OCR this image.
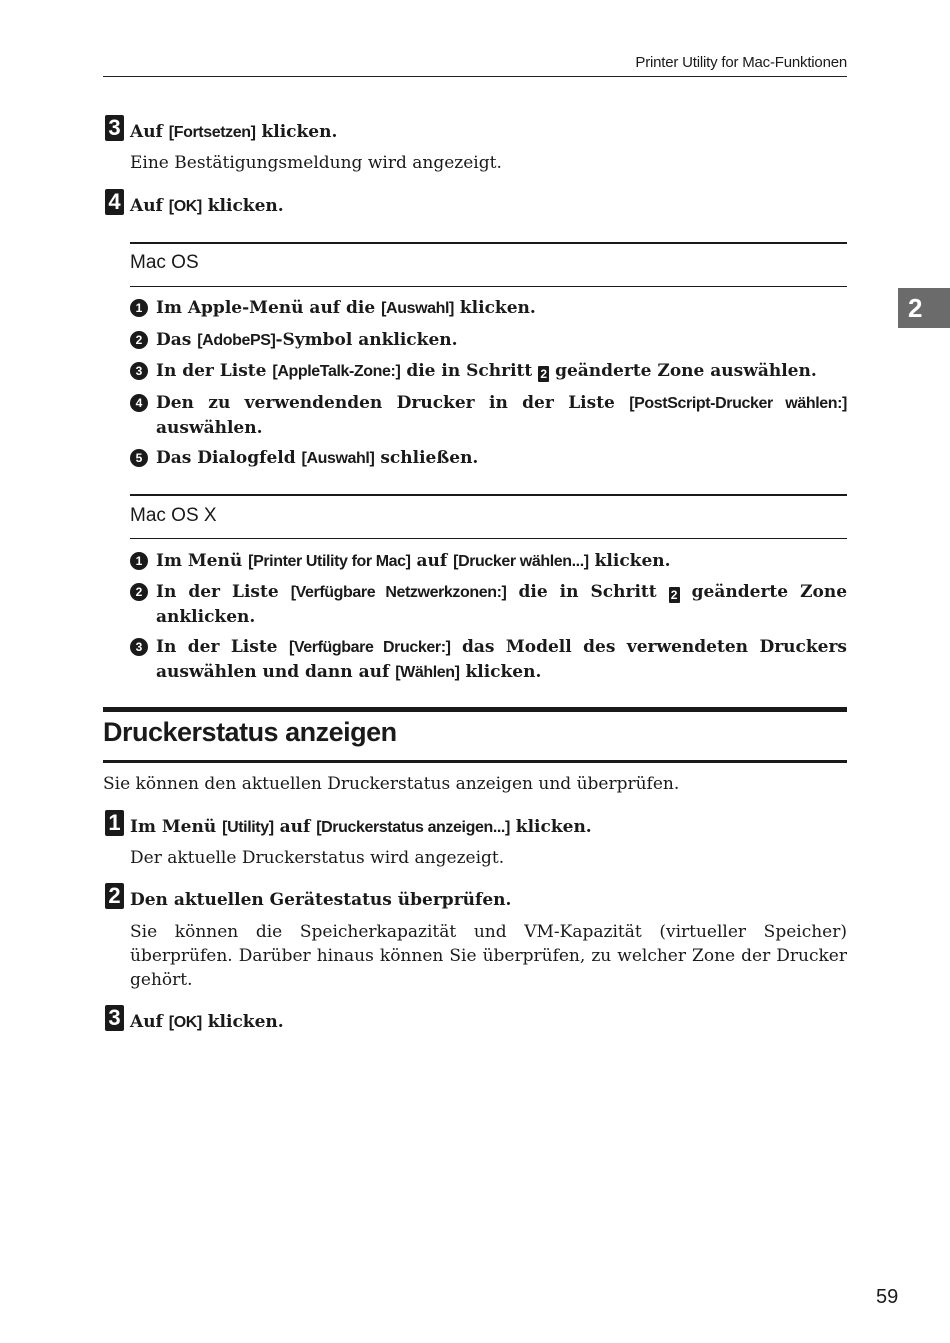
Printer Utility for Mac-Funktionen
2
3 Auf [Fortsetzen] klicken.
Eine Bestätigungsmeldung wird angezeigt.
4 Auf [OK] klicken.
Mac OS
1 Im Apple-Menü auf die [Auswahl] klicken.
2 Das [AdobePS]-Symbol anklicken.
3 In der Liste [AppleTalk-Zone:] die in Schritt 2 geänderte Zone auswählen.
4 Den zu verwendenden Drucker in der Liste [PostScript-Drucker wählen:] auswählen.
5 Das Dialogfeld [Auswahl] schließen.
Mac OS X
1 Im Menü [Printer Utility for Mac] auf [Drucker wählen...] klicken.
2 In der Liste [Verfügbare Netzwerkzonen:] die in Schritt 2 geänderte Zone anklicken.
3 In der Liste [Verfügbare Drucker:] das Modell des verwendeten Druckers auswählen und dann auf [Wählen] klicken.
Druckerstatus anzeigen
Sie können den aktuellen Druckerstatus anzeigen und überprüfen.
1 Im Menü [Utility] auf [Druckerstatus anzeigen...] klicken.
Der aktuelle Druckerstatus wird angezeigt.
2 Den aktuellen Gerätestatus überprüfen.
Sie können die Speicherkapazität und VM-Kapazität (virtueller Speicher) überprüfen. Darüber hinaus können Sie überprüfen, zu welcher Zone der Drucker gehört.
3 Auf [OK] klicken.
59
